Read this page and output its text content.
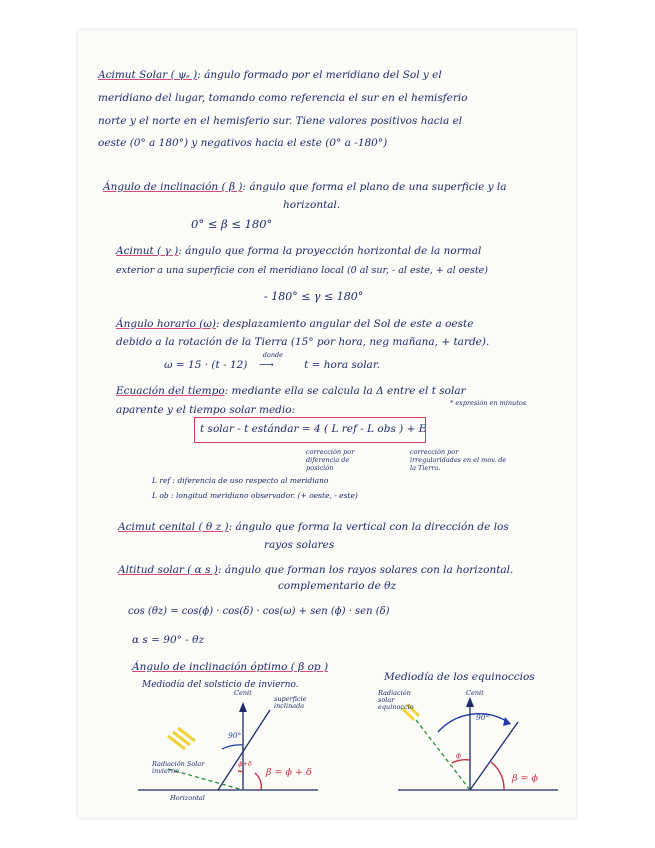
Acimut Solar ( ψₛ ): ángulo formado por el meridiano del Sol y el
meridiano del lugar, tomando como referencia el sur en el hemisferio
norte y el norte en el hemisferio sur. Tiene valores positivos hacia el
oeste (0° a 180°) y negativos hacia el este (0° a -180°)
Ángulo de inclinación ( β ): ángulo que forma el plano de una superficie y la
horizontal.
0° ≤ β ≤ 180°
Acimut ( γ ): ángulo que forma la proyección horizontal de la normal
exterior a una superficie con el meridiano local (0 al sur, - al este, + al oeste)
- 180° ≤ γ ≤ 180°
Ángulo horario (ω): desplazamiento angular del Sol de este a oeste
debido a la rotación de la Tierra (15° por hora, neg mañana, + tarde).
ω = 15 · (t - 12)
donde
⟶	t = hora solar.
Ecuación del tiempo: mediante ella se calcula la Δ entre el t solar
aparente y el tiempo solar medio:
* expresión en minutos
t solar - t estándar = 4 ( L ref - L obs ) + E
corrección por diferencia de posición
corrección por irregularidades en el mov. de la Tierra.
L ref : diferencia de uso respecto al meridiano
L ob : longitud meridiano observador. (+ oeste, - este)
Acimut cenital ( θ z ): ángulo que forma la vertical con la dirección de los
rayos solares
Altitud solar ( α s ): ángulo que forman los rayos solares con la horizontal.
complementario de θz
cos (θz) = cos(ϕ) · cos(δ) · cos(ω) + sen (ϕ) · sen (δ)
α s = 90° - θz
Ángulo de inclinación óptimo ( β op )
Mediodía del solsticio de invierno.
Cenit
superficie inclinada
Radiación Solar invierno.
90°
ϕ+δ
β = ϕ + δ
Horizontal
Mediodía de los equinoccios
Cenit
Radiación solar equinoccio
90°
ϕ
β = ϕ
